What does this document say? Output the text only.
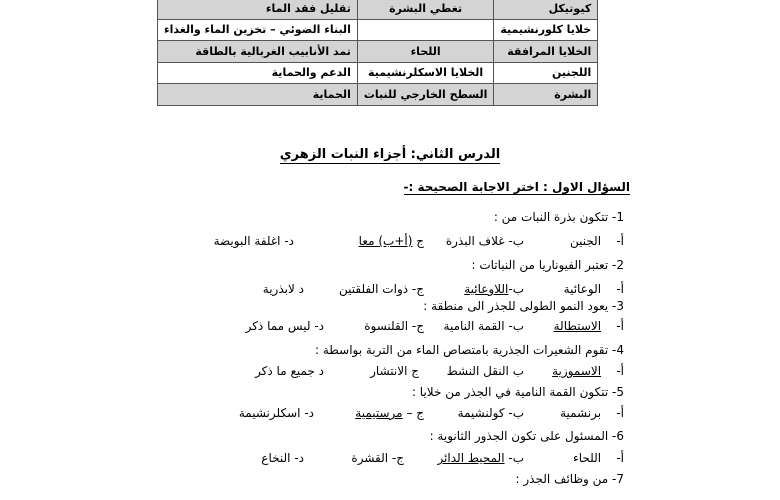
كيوتيكل	تغطي البشرة	تقليل فقد الماء
خلايا كلورنشيمية		البناء الضوئي – تخزين الماء والغذاء
الخلايا المرافقة	اللحاء	تمد الأنابيب الغربالية بالطاقة
اللجنين	الخلايا الاسكلرنشيمية	الدعم والحماية
البشرة	السطح الخارجي للنبات	الحماية
الدرس الثاني: أجزاء النبات الزهري
السؤال الاول : اختر الاجابة الصحيحة :-
1- تتكون بذرة النبات من :
أ-    الجنين
ب- غلاف البذرة
ج (أ+ب) معا
د- اغلفة البويضة
2- تعتبر الفيوناريا من النباتات :
أ-    الوعائية
ب-اللاوعائية
ج- ذوات الفلقتين
د لابذرية
3- يعود النمو الطولى للجذر الى منطقة :
أ-    الاستطالة
ب- القمة النامية
ج- القلنسوة
د- ليس مما ذكر
4- تقوم الشعيرات الجذرية بامتصاص الماء من التربة بواسطة :
أ-    الاسموزية
ب النقل النشط
ج الانتشار
د جميع ما ذكر
5- تتكون القمة النامية في الجذر من خلايا :
أ-    برنشمية
ب- كولنشيمة
ج – مرستيمية
د- اسكلرنشيمة
6- المسئول على تكون الجذور الثانوية :
أ-    اللحاء
ب- المحيط الدائر
ج- القشرة
د- النخاع
7- من وظائف الجذر :
